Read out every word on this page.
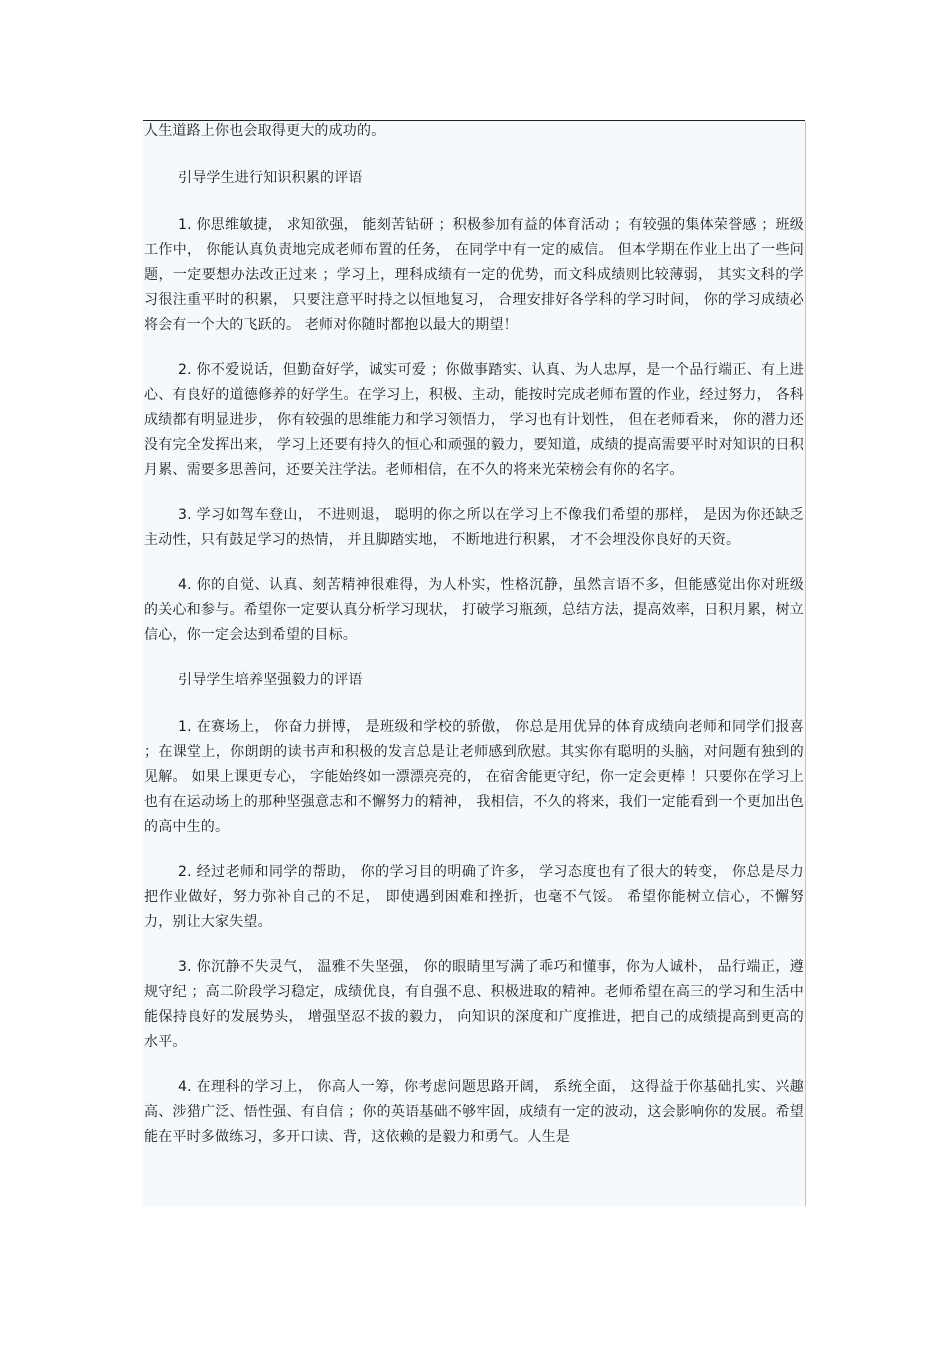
人生道路上你也会取得更大的成功的。

引导学生进行知识积累的评语

1. 你思维敏捷， 求知欲强， 能刻苦钻研 ；积极参加有益的体育活动 ；有较强的集体荣誉感 ；班级工作中， 你能认真负责地完成老师布置的任务， 在同学中有一定的威信。 但本学期在作业上出了一些问题，一定要想办法改正过来 ；学习上，理科成绩有一定的优势，而文科成绩则比较薄弱， 其实文科的学习很注重平时的积累， 只要注意平时持之以恒地复习， 合理安排好各学科的学习时间， 你的学习成绩必将会有一个大的飞跃的。 老师对你随时都抱以最大的期望！

2. 你不爱说话，但勤奋好学，诚实可爱 ；你做事踏实、认真、为人忠厚，是一个品行端正、有上进心、有良好的道德修养的好学生。在学习上，积极、主动，能按时完成老师布置的作业，经过努力， 各科成绩都有明显进步， 你有较强的思维能力和学习领悟力， 学习也有计划性， 但在老师看来， 你的潜力还没有完全发挥出来， 学习上还要有持久的恒心和顽强的毅力，要知道，成绩的提高需要平时对知识的日积月累、需要多思善问，还要关注学法。老师相信，在不久的将来光荣榜会有你的名字。

3. 学习如驾车登山， 不进则退， 聪明的你之所以在学习上不像我们希望的那样， 是因为你还缺乏主动性，只有鼓足学习的热情， 并且脚踏实地， 不断地进行积累， 才不会埋没你良好的天资。

4. 你的自觉、认真、刻苦精神很难得，为人朴实，性格沉静，虽然言语不多，但能感觉出你对班级的关心和参与。希望你一定要认真分析学习现状， 打破学习瓶颈，总结方法，提高效率，日积月累，树立信心，你一定会达到希望的目标。

引导学生培养坚强毅力的评语

1. 在赛场上， 你奋力拼博， 是班级和学校的骄傲， 你总是用优异的体育成绩向老师和同学们报喜 ；在课堂上，你朗朗的读书声和积极的发言总是让老师感到欣慰。其实你有聪明的头脑，对问题有独到的见解。 如果上课更专心， 字能始终如一漂漂亮亮的， 在宿舍能更守纪，你一定会更棒 ！只要你在学习上也有在运动场上的那种坚强意志和不懈努力的精神， 我相信，不久的将来，我们一定能看到一个更加出色的高中生的。

2. 经过老师和同学的帮助， 你的学习目的明确了许多， 学习态度也有了很大的转变， 你总是尽力把作业做好，努力弥补自己的不足， 即使遇到困难和挫折，也毫不气馁。 希望你能树立信心，不懈努力，别让大家失望。

3. 你沉静不失灵气， 温雅不失坚强， 你的眼睛里写满了乖巧和懂事，你为人诚朴， 品行端正，遵规守纪 ；高二阶段学习稳定，成绩优良，有自强不息、积极进取的精神。老师希望在高三的学习和生活中能保持良好的发展势头， 增强坚忍不拔的毅力， 向知识的深度和广度推进，把自己的成绩提高到更高的水平。

4. 在理科的学习上， 你高人一筹，你考虑问题思路开阔， 系统全面， 这得益于你基础扎实、兴趣高、涉猎广泛、悟性强、有自信 ；你的英语基础不够牢固，成绩有一定的波动，这会影响你的发展。希望能在平时多做练习，多开口读、背，这依赖的是毅力和勇气。人生是
